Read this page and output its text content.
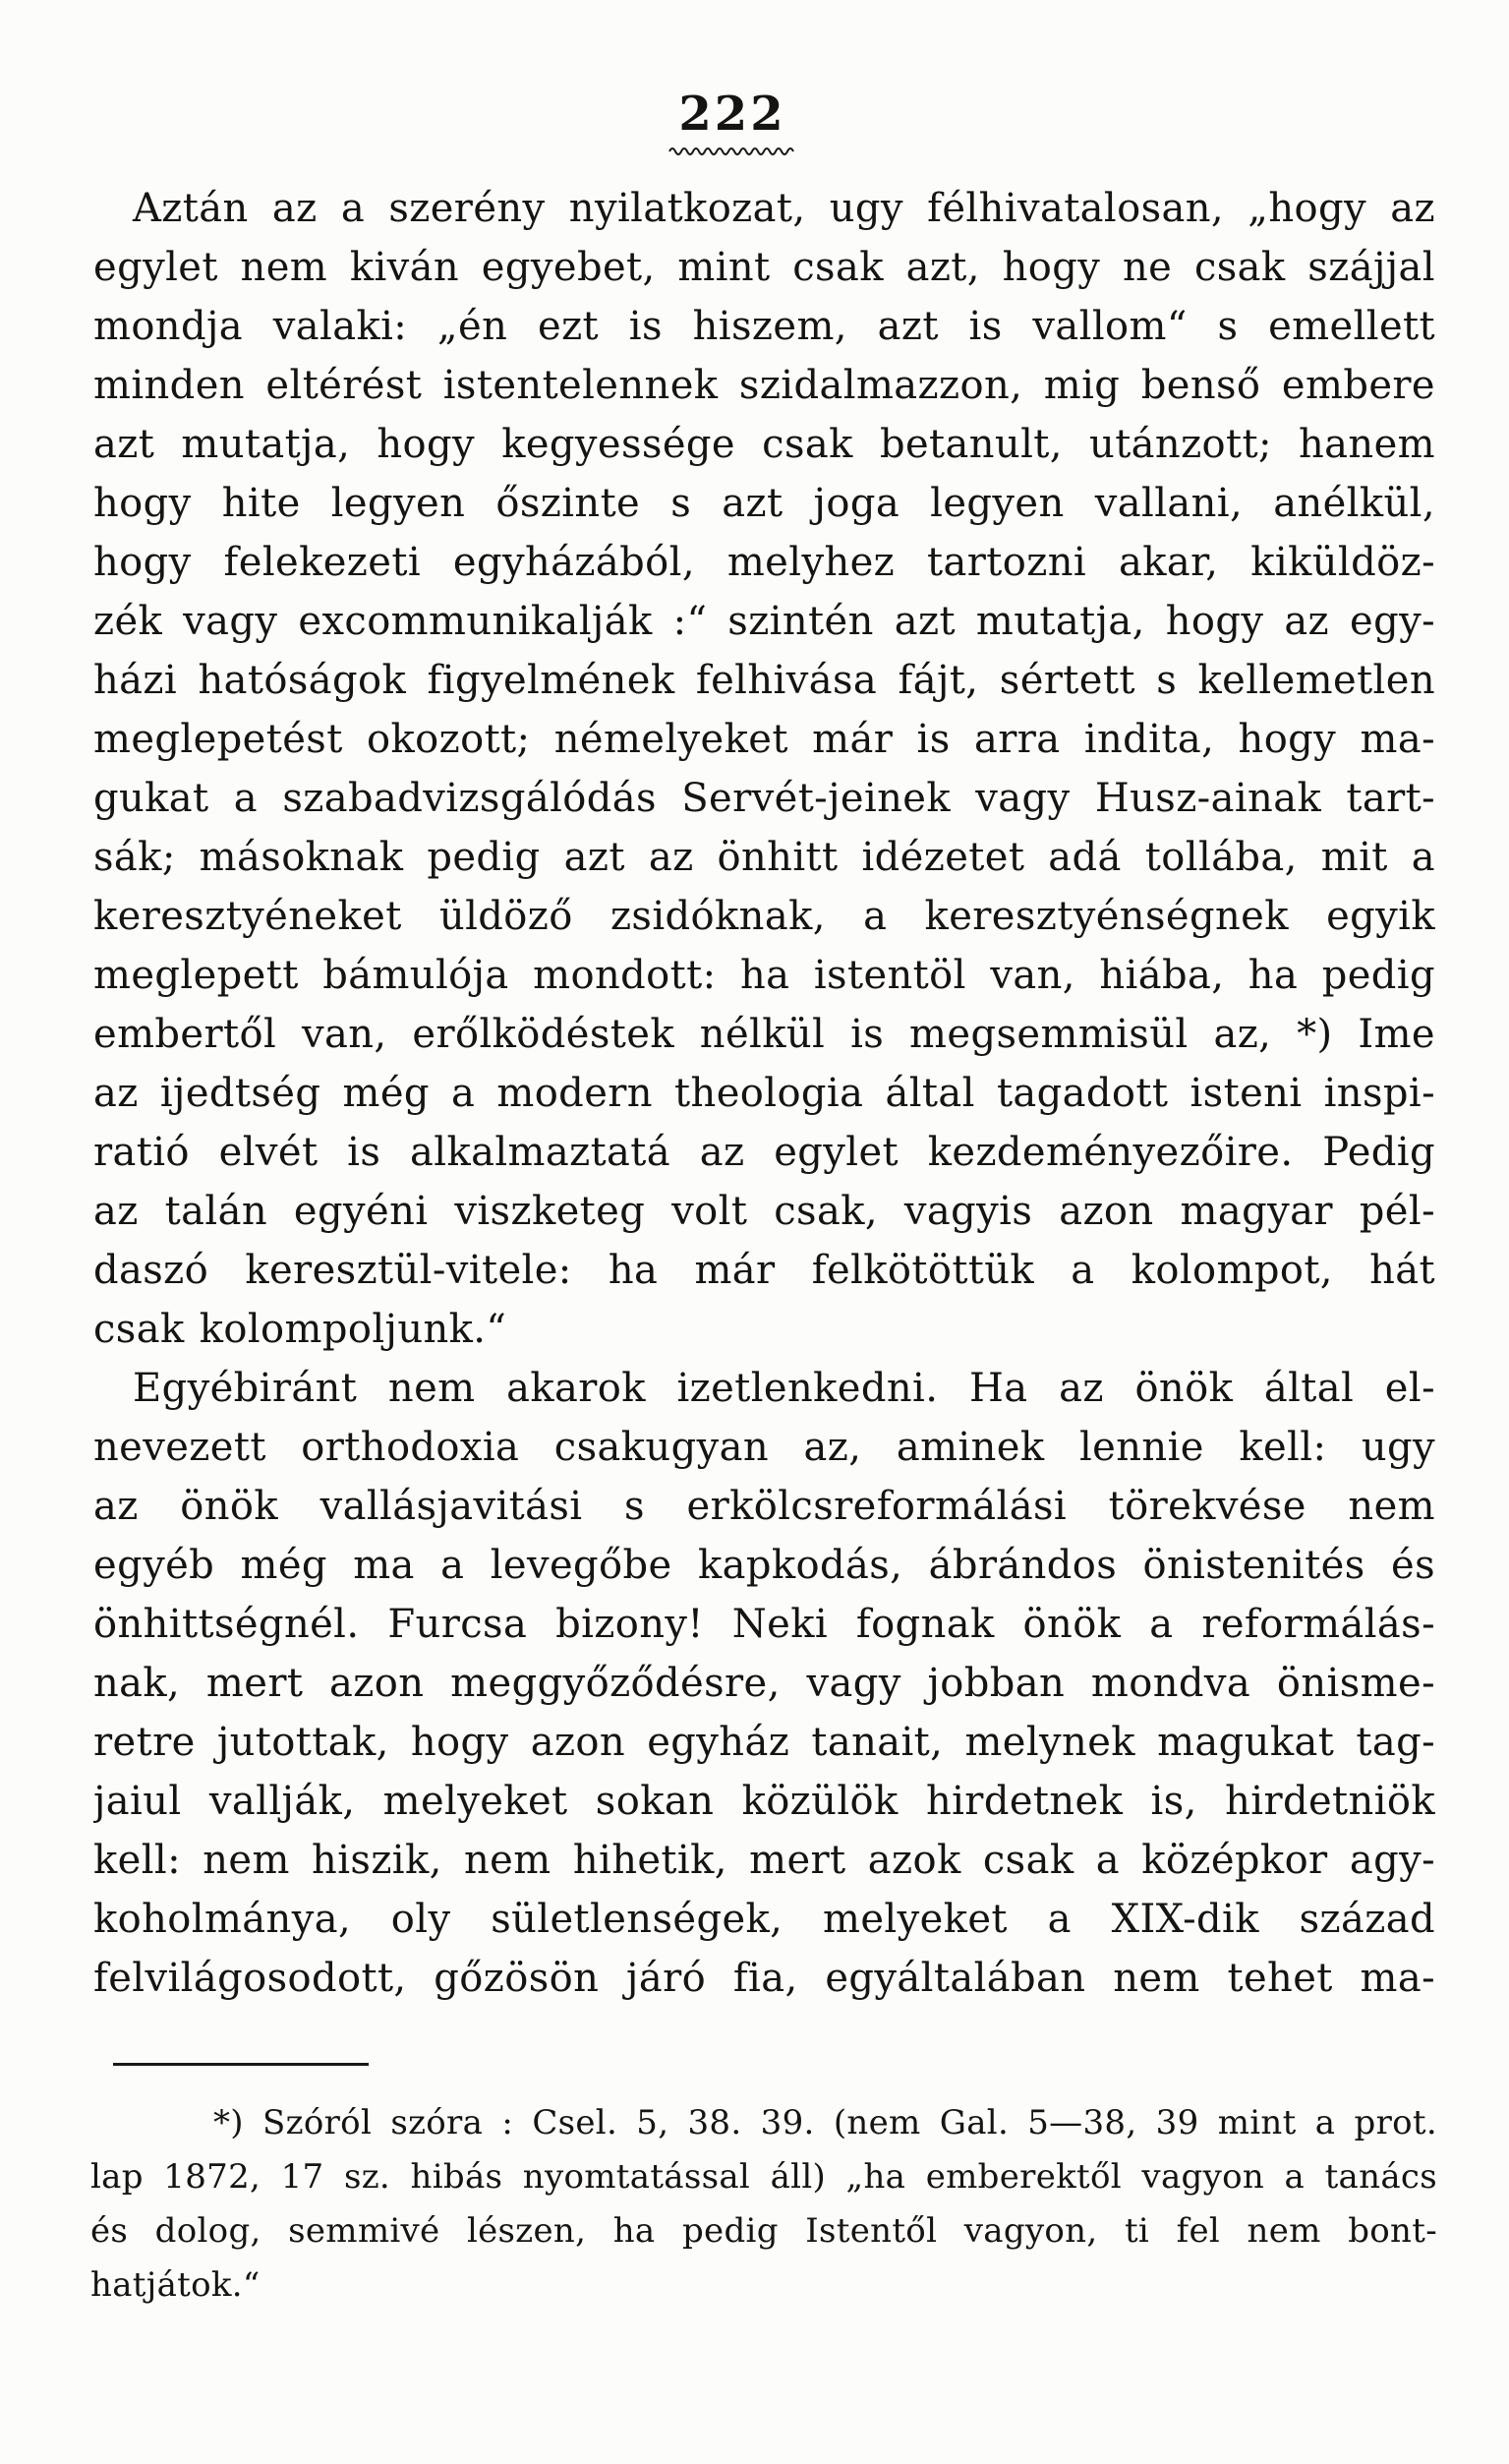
222
Aztán az a szerény nyilatkozat, ugy félhivatalosan, „hogy az
egylet nem kiván egyebet, mint csak azt, hogy ne csak szájjal
mondja valaki: „én ezt is hiszem, azt is vallom“ s emellett
minden eltérést istentelennek szidalmazzon, mig benső embere
azt mutatja, hogy kegyessége csak betanult, utánzott; hanem
hogy hite legyen őszinte s azt joga legyen vallani, anélkül,
hogy felekezeti egyházából, melyhez tartozni akar, kiküldöz-
zék vagy excommunikalják :“ szintén azt mutatja, hogy az egy-
házi hatóságok figyelmének felhivása fájt, sértett s kellemetlen
meglepetést okozott; némelyeket már is arra indita, hogy ma-
gukat a szabadvizsgálódás Servét-jeinek vagy Husz-ainak tart-
sák; másoknak pedig azt az önhitt idézetet adá tollába, mit a
keresztyéneket üldöző zsidóknak, a keresztyénségnek egyik
meglepett bámulója mondott: ha istentöl van, hiába, ha pedig
embertől van, erőlködéstek nélkül is megsemmisül az, *) Ime
az ijedtség még a modern theologia által tagadott isteni inspi-
ratió elvét is alkalmaztatá az egylet kezdeményezőire. Pedig
az talán egyéni viszketeg volt csak, vagyis azon magyar pél-
daszó keresztül-vitele: ha már felkötöttük a kolompot, hát
csak kolompoljunk.“
Egyébiránt nem akarok izetlenkedni. Ha az önök által el-
nevezett orthodoxia csakugyan az, aminek lennie kell: ugy
az önök vallásjavitási s erkölcsreformálási törekvése nem
egyéb még ma a levegőbe kapkodás, ábrándos önistenités és
önhittségnél. Furcsa bizony! Neki fognak önök a reformálás-
nak, mert azon meggyőződésre, vagy jobban mondva önisme-
retre jutottak, hogy azon egyház tanait, melynek magukat tag-
jaiul vallják, melyeket sokan közülök hirdetnek is, hirdetniök
kell: nem hiszik, nem hihetik, mert azok csak a középkor agy-
koholmánya, oly sületlenségek, melyeket a XIX-dik század
felvilágosodott, gőzösön járó fia, egyáltalában nem tehet ma-
*) Szóról szóra : Csel. 5, 38. 39. (nem Gal. 5—38, 39 mint a prot.
lap 1872, 17 sz. hibás nyomtatással áll) „ha emberektől vagyon a tanács
és dolog, semmivé lészen, ha pedig Istentől vagyon, ti fel nem bont-
hatjátok.“
